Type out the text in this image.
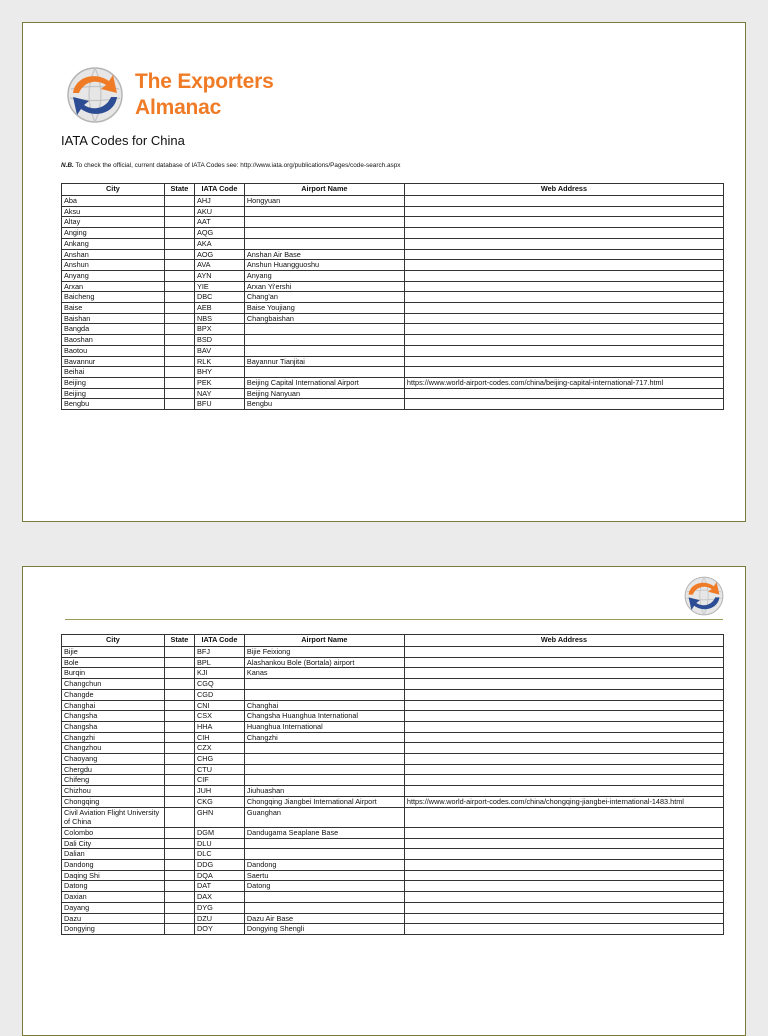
The Exporters
Almanac
IATA Codes for China
N.B. To check the official, current database of IATA Codes see: http://www.iata.org/publications/Pages/code-search.aspx
City	State	IATA Code	Airport Name	Web Address
Aba		AHJ	Hongyuan	
Aksu		AKU		
Altay		AAT		
Anging		AQG		
Ankang		AKA		
Anshan		AOG	Anshan Air Base	
Anshun		AVA	Anshun Huangguoshu	
Anyang		AYN	Anyang	
Arxan		YIE	Arxan Yi'ershi	
Baicheng		DBC	Chang'an	
Baise		AEB	Baise Youjiang	
Baishan		NBS	Changbaishan	
Bangda		BPX		
Baoshan		BSD		
Baotou		BAV		
Bavannur		RLK	Bayannur Tianjitai	
Beihai		BHY		
Beijing		PEK	Beijing Capital International Airport	https://www.world-airport-codes.com/china/beijing-capital-international-717.html
Beijing		NAY	Beijing Nanyuan	
Bengbu		BFU	Bengbu	
City	State	IATA Code	Airport Name	Web Address
Bijie		BFJ	Bijie Feixiong	
Bole		BPL	Alashankou Bole (Bortala) airport	
Burqin		KJI	Kanas	
Changchun		CGQ		
Changde		CGD		
Changhai		CNI	Changhai	
Changsha		CSX	Changsha Huanghua International	
Changsha		HHA	Huanghua International	
Changzhi		CIH	Changzhi	
Changzhou		CZX		
Chaoyang		CHG		
Chergdu		CTU		
Chifeng		CIF		
Chizhou		JUH	Jiuhuashan	
Chongqing		CKG	Chongqing Jiangbei International Airport	https://www.world-airport-codes.com/china/chongqing-jiangbei-international-1483.html
Civil Aviation Flight University of China		GHN	Guanghan	
Colombo		DGM	Dandugama Seaplane Base	
Dali City		DLU		
Dalian		DLC		
Dandong		DDG	Dandong	
Daqing Shi		DQA	Saertu	
Datong		DAT	Datong	
Daxian		DAX		
Dayang		DYG		
Dazu		DZU	Dazu Air Base	
Dongying		DOY	Dongying Shengli	
